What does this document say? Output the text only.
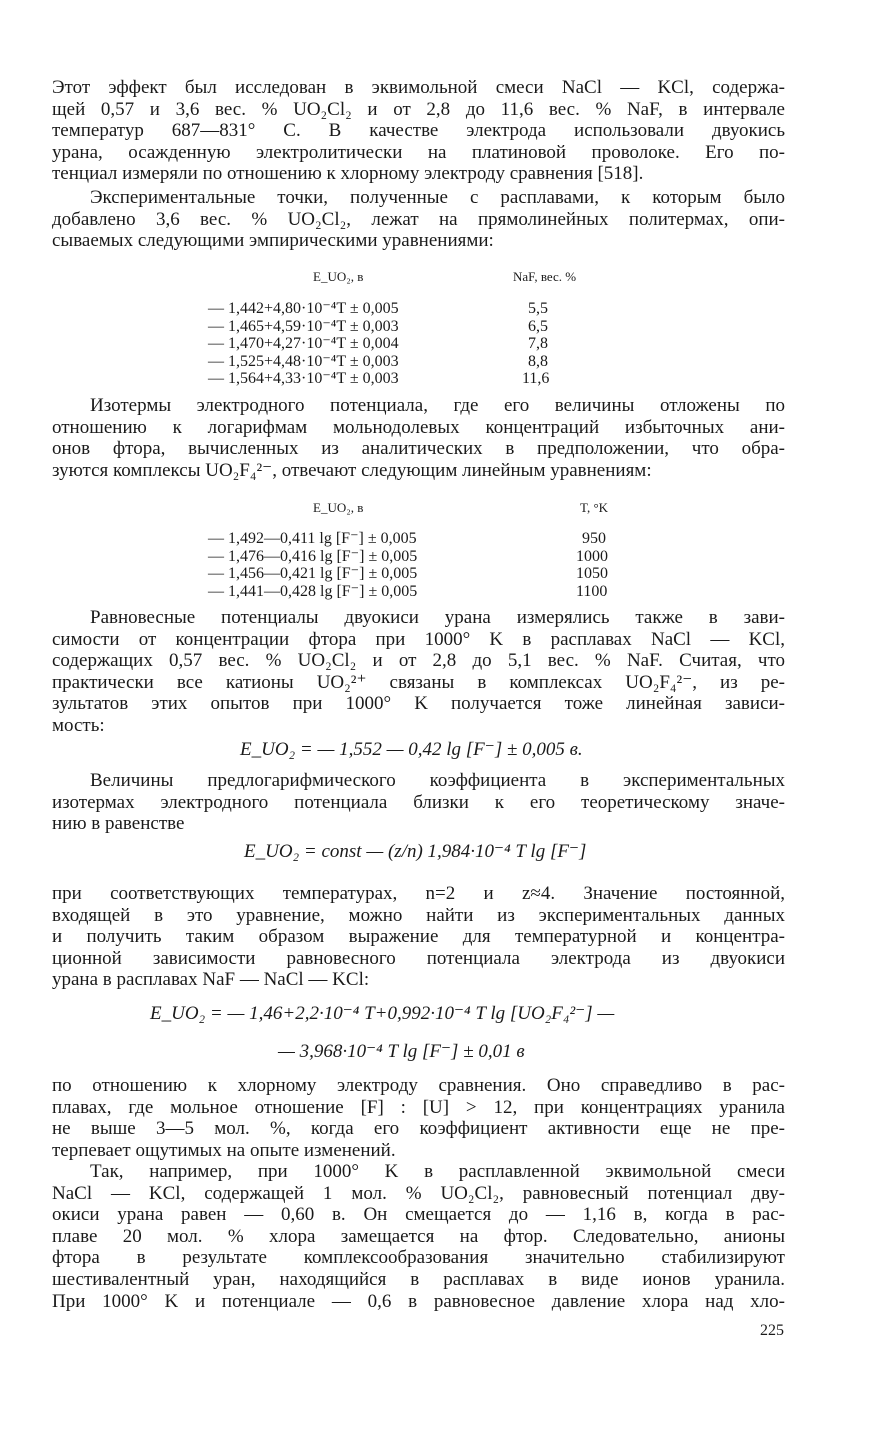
Этот эффект был исследован в эквимольной смеси NaCl — KCl, содержа-
щей 0,57 и 3,6 вес. % UO₂Cl₂ и от 2,8 до 11,6 вес. % NaF, в интервале
температур 687—831° C. В качестве электрода использовали двуокись
урана, осажденную электролитически на платиновой проволоке. Его по-
тенциал измеряли по отношению к хлорному электроду сравнения [518].
Экспериментальные точки, полученные с расплавами, к которым было
добавлено 3,6 вес. % UO₂Cl₂, лежат на прямолинейных политермах, опи-
сываемых следующими эмпирическими уравнениями:
E_UO₂, в	NaF, вес. %
— 1,442+4,80·10⁻⁴T ± 0,005	5,5
— 1,465+4,59·10⁻⁴T ± 0,003	6,5
— 1,470+4,27·10⁻⁴T ± 0,004	7,8
— 1,525+4,48·10⁻⁴T ± 0,003	8,8
— 1,564+4,33·10⁻⁴T ± 0,003	11,6
Изотермы электродного потенциала, где его величины отложены по
отношению к логарифмам мольнодолевых концентраций избыточных ани-
онов фтора, вычисленных из аналитических в предположении, что обра-
зуются комплексы UO₂F₄²⁻, отвечают следующим линейным уравнениям:
E_UO₂, в	T, °K
— 1,492—0,411 lg [F⁻] ± 0,005	950
— 1,476—0,416 lg [F⁻] ± 0,005	1000
— 1,456—0,421 lg [F⁻] ± 0,005	1050
— 1,441—0,428 lg [F⁻] ± 0,005	1100
Равновесные потенциалы двуокиси урана измерялись также в зави-
симости от концентрации фтора при 1000° K в расплавах NaCl — KCl,
содержащих 0,57 вес. % UO₂Cl₂ и от 2,8 до 5,1 вес. % NaF. Считая, что
практически все катионы UO₂²⁺ связаны в комплексах UO₂F₄²⁻, из ре-
зультатов этих опытов при 1000° K получается тоже линейная зависи-
мость:
E_UO₂ = — 1,552 — 0,42 lg [F⁻] ± 0,005 в.
Величины предлогарифмического коэффициента в экспериментальных
изотермах электродного потенциала близки к его теоретическому значе-
нию в равенстве
E_UO₂ = const — (z/n) 1,984·10⁻⁴ T lg [F⁻]
при соответствующих температурах, n=2 и z≈4. Значение постоянной,
входящей в это уравнение, можно найти из экспериментальных данных
и получить таким образом выражение для температурной и концентра-
ционной зависимости равновесного потенциала электрода из двуокиси
урана в расплавах NaF — NaCl — KCl:
E_UO₂ = — 1,46+2,2·10⁻⁴ T+0,992·10⁻⁴ T lg [UO₂F₄²⁻] —
— 3,968·10⁻⁴ T lg [F⁻] ± 0,01 в
по отношению к хлорному электроду сравнения. Оно справедливо в рас-
плавах, где мольное отношение [F] : [U] > 12, при концентрациях уранила
не выше 3—5 мол. %, когда его коэффициент активности еще не пре-
терпевает ощутимых на опыте изменений.
Так, например, при 1000° K в расплавленной эквимольной смеси
NaCl — KCl, содержащей 1 мол. % UO₂Cl₂, равновесный потенциал дву-
окиси урана равен — 0,60 в. Он смещается до — 1,16 в, когда в рас-
плаве 20 мол. % хлора замещается на фтор. Следовательно, анионы
фтора в результате комплексообразования значительно стабилизируют
шестивалентный уран, находящийся в расплавах в виде ионов уранила.
При 1000° K и потенциале — 0,6 в равновесное давление хлора над хло-
225
